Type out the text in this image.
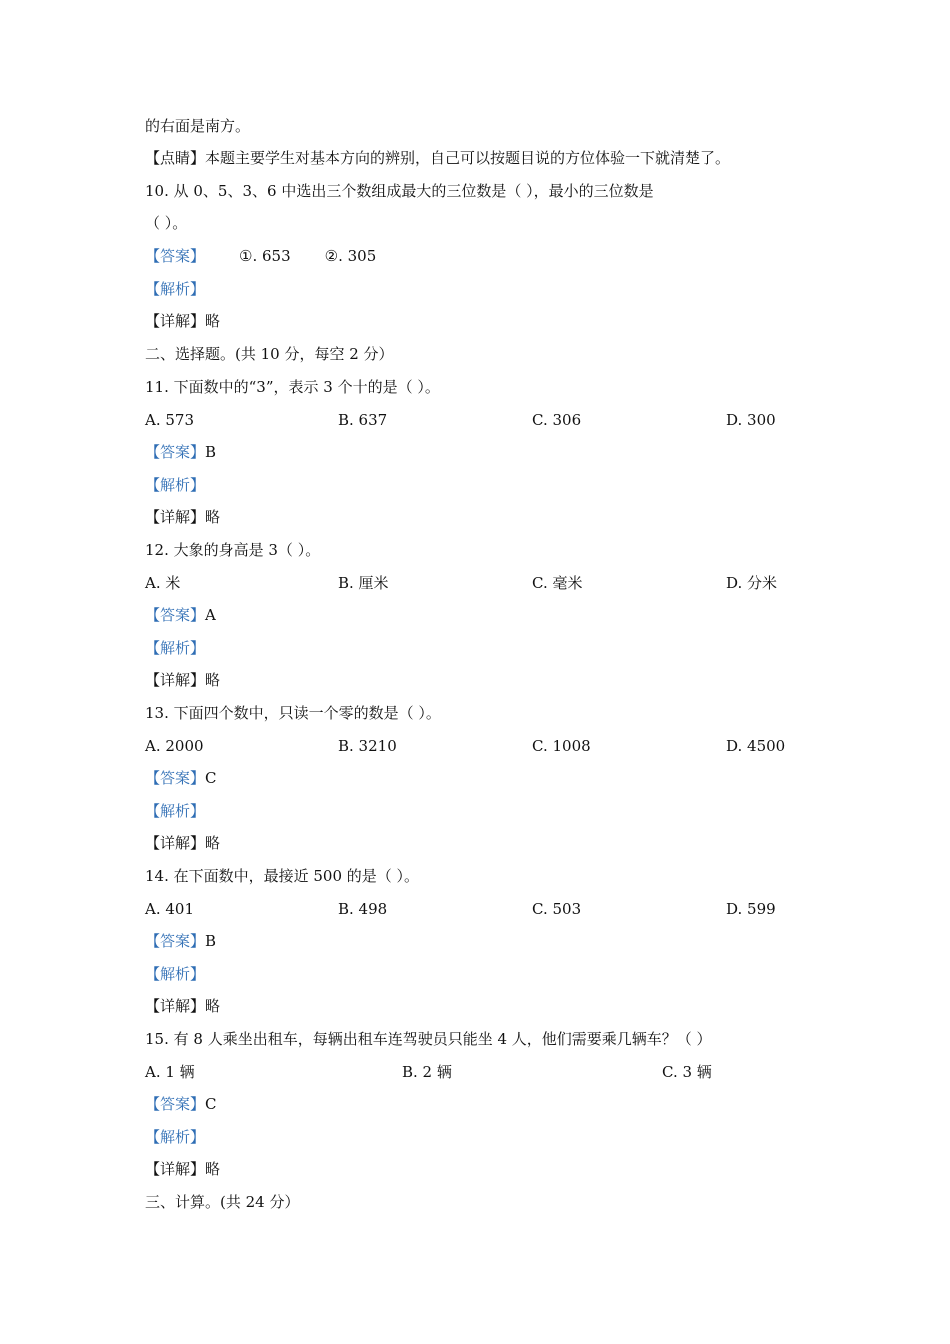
的右面是南方。
【点睛】本题主要学生对基本方向的辨别，自己可以按题目说的方位体验一下就清楚了。
10. 从 0、5、3、6 中选出三个数组成最大的三位数是（ ），最小的三位数是
（ ）。
【答案】 ①. 653 ②. 305
【解析】
【详解】略
二、选择题。(共 10 分，每空 2 分）
11. 下面数中的“3”，表示 3 个十的是（ ）。
A. 573	B. 637	C. 306	D. 300
【答案】B
【解析】
【详解】略
12. 大象的身高是 3（ ）。
A. 米	B. 厘米	C. 毫米	D. 分米
【答案】A
【解析】
【详解】略
13. 下面四个数中，只读一个零的数是（ ）。
A. 2000	B. 3210	C. 1008	D. 4500
【答案】C
【解析】
【详解】略
14. 在下面数中，最接近 500 的是（ ）。
A. 401	B. 498	C. 503	D. 599
【答案】B
【解析】
【详解】略
15. 有 8 人乘坐出租车，每辆出租车连驾驶员只能坐 4 人，他们需要乘几辆车？（ ）
A. 1 辆	B. 2 辆	C. 3 辆
【答案】C
【解析】
【详解】略
三、计算。(共 24 分）
